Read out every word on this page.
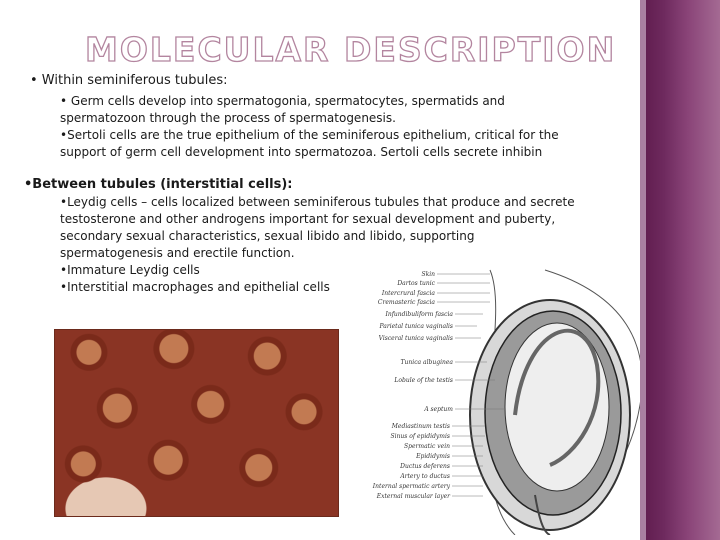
MOLECULAR DESCRIPTION
• Within seminiferous tubules:
• Germ cells develop into spermatogonia, spermatocytes, spermatids and
spermatozoon through the process of spermatogenesis.
•Sertoli cells are the true epithelium of the seminiferous epithelium, critical for the
support of germ cell development into spermatozoa. Sertoli cells secrete inhibin
•Between tubules (interstitial cells):
•Leydig cells – cells localized between seminiferous tubules that produce and secrete
testosterone and other androgens important for sexual development and puberty,
secondary sexual characteristics, sexual libido and libido, supporting
spermatogenesis and erectile function.
•Immature Leydig cells
•Interstitial macrophages and epithelial cells
Skin
Dartos tunic
Intercrural fascia
Cremasteric fascia
Infundibuliform fascia
Parietal tunica vaginalis
Visceral tunica vaginalis
Tunica albuginea
Lobule of the testis
A septum
Mediastinum testis
Sinus of epididymis
Spermatic vein
Epididymis
Ductus deferens
Artery to ductus
Internal spermatic artery
External muscular layer
